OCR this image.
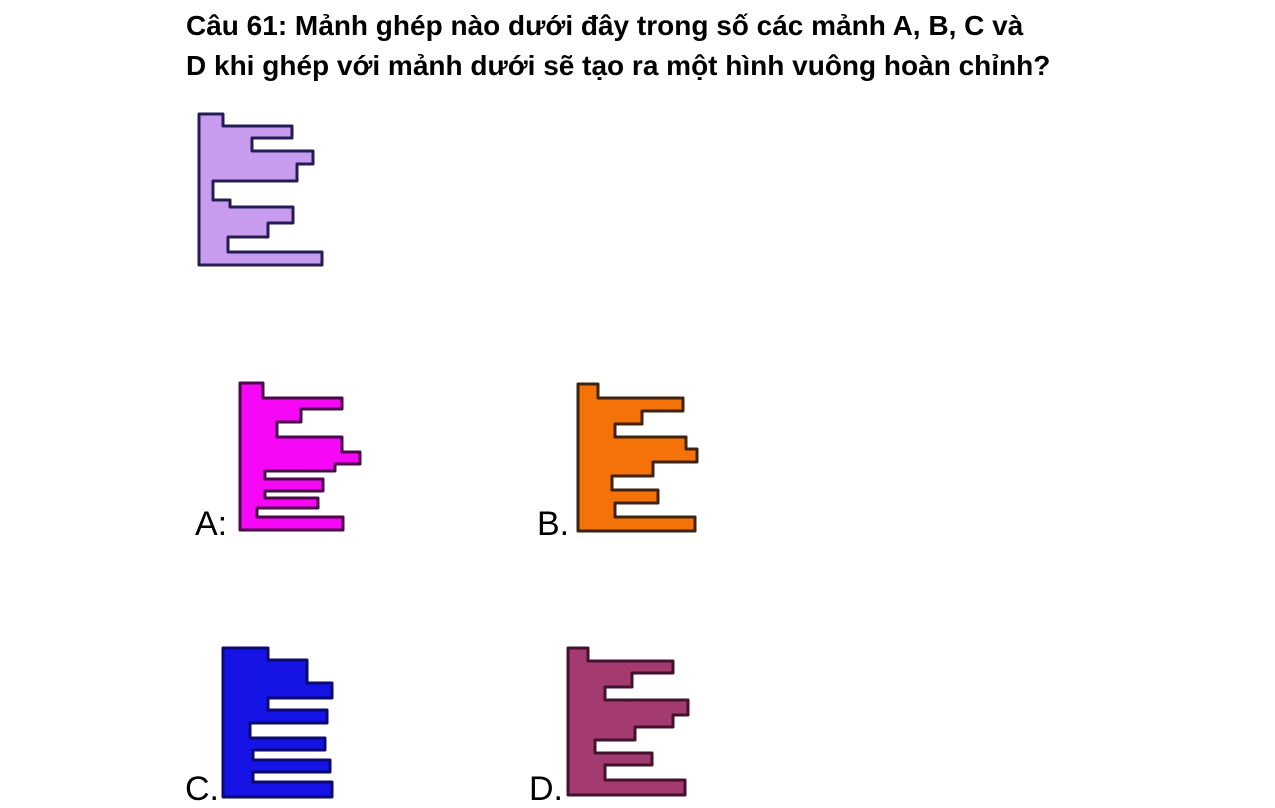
Câu 61: Mảnh ghép nào dưới đây trong số các mảnh A, B, C và
D khi ghép với mảnh dưới sẽ tạo ra một hình vuông hoàn chỉnh?
A:	B.
C.	D.
